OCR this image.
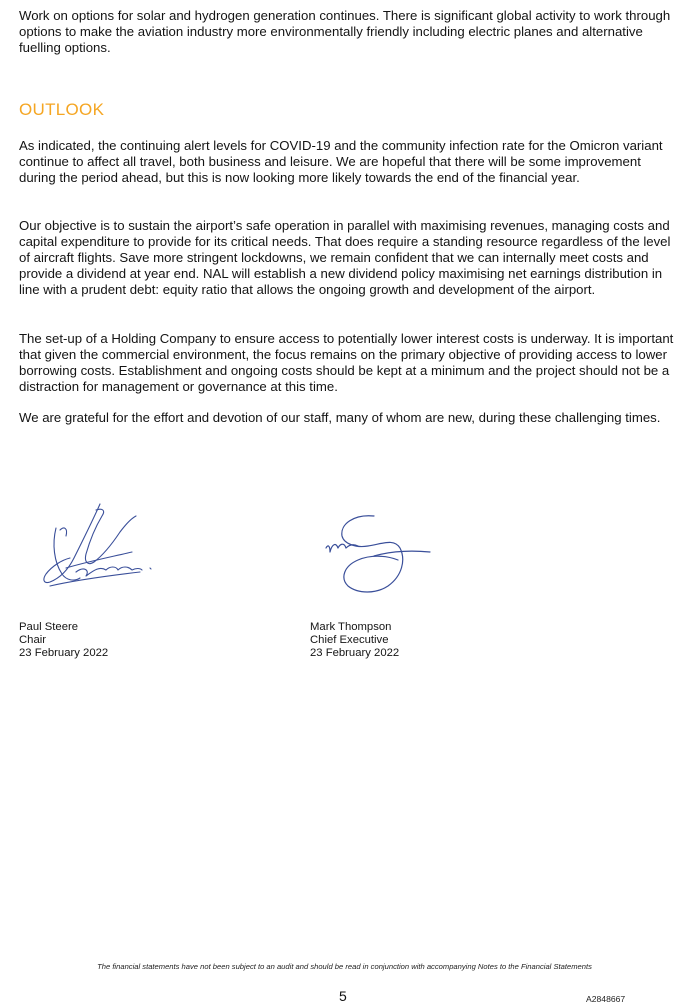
Work on options for solar and hydrogen generation continues. There is significant global activity to work through options to make the aviation industry more environmentally friendly including electric planes and alternative fuelling options.

OUTLOOK

As indicated, the continuing alert levels for COVID-19 and the community infection rate for the Omicron variant continue to affect all travel, both business and leisure. We are hopeful that there will be some improvement during the period ahead, but this is now looking more likely towards the end of the financial year.

Our objective is to sustain the airport’s safe operation in parallel with maximising revenues, managing costs and capital expenditure to provide for its critical needs. That does require a standing resource regardless of the level of aircraft flights. Save more stringent lockdowns, we remain confident that we can internally meet costs and provide a dividend at year end. NAL will establish a new dividend policy maximising net earnings distribution in line with a prudent debt: equity ratio that allows the ongoing growth and development of the airport.

The set-up of a Holding Company to ensure access to potentially lower interest costs is underway. It is important that given the commercial environment, the focus remains on the primary objective of providing access to lower borrowing costs. Establishment and ongoing costs should be kept at a minimum and the project should not be a distraction for management or governance at this time.

We are grateful for the effort and devotion of our staff, many of whom are new, during these challenging times.

Paul Steere
Chair
23 February 2022
Mark Thompson
Chief Executive
23 February 2022
The financial statements have not been subject to an audit and should be read in conjunction with accompanying Notes to the Financial Statements
5	A2848667
